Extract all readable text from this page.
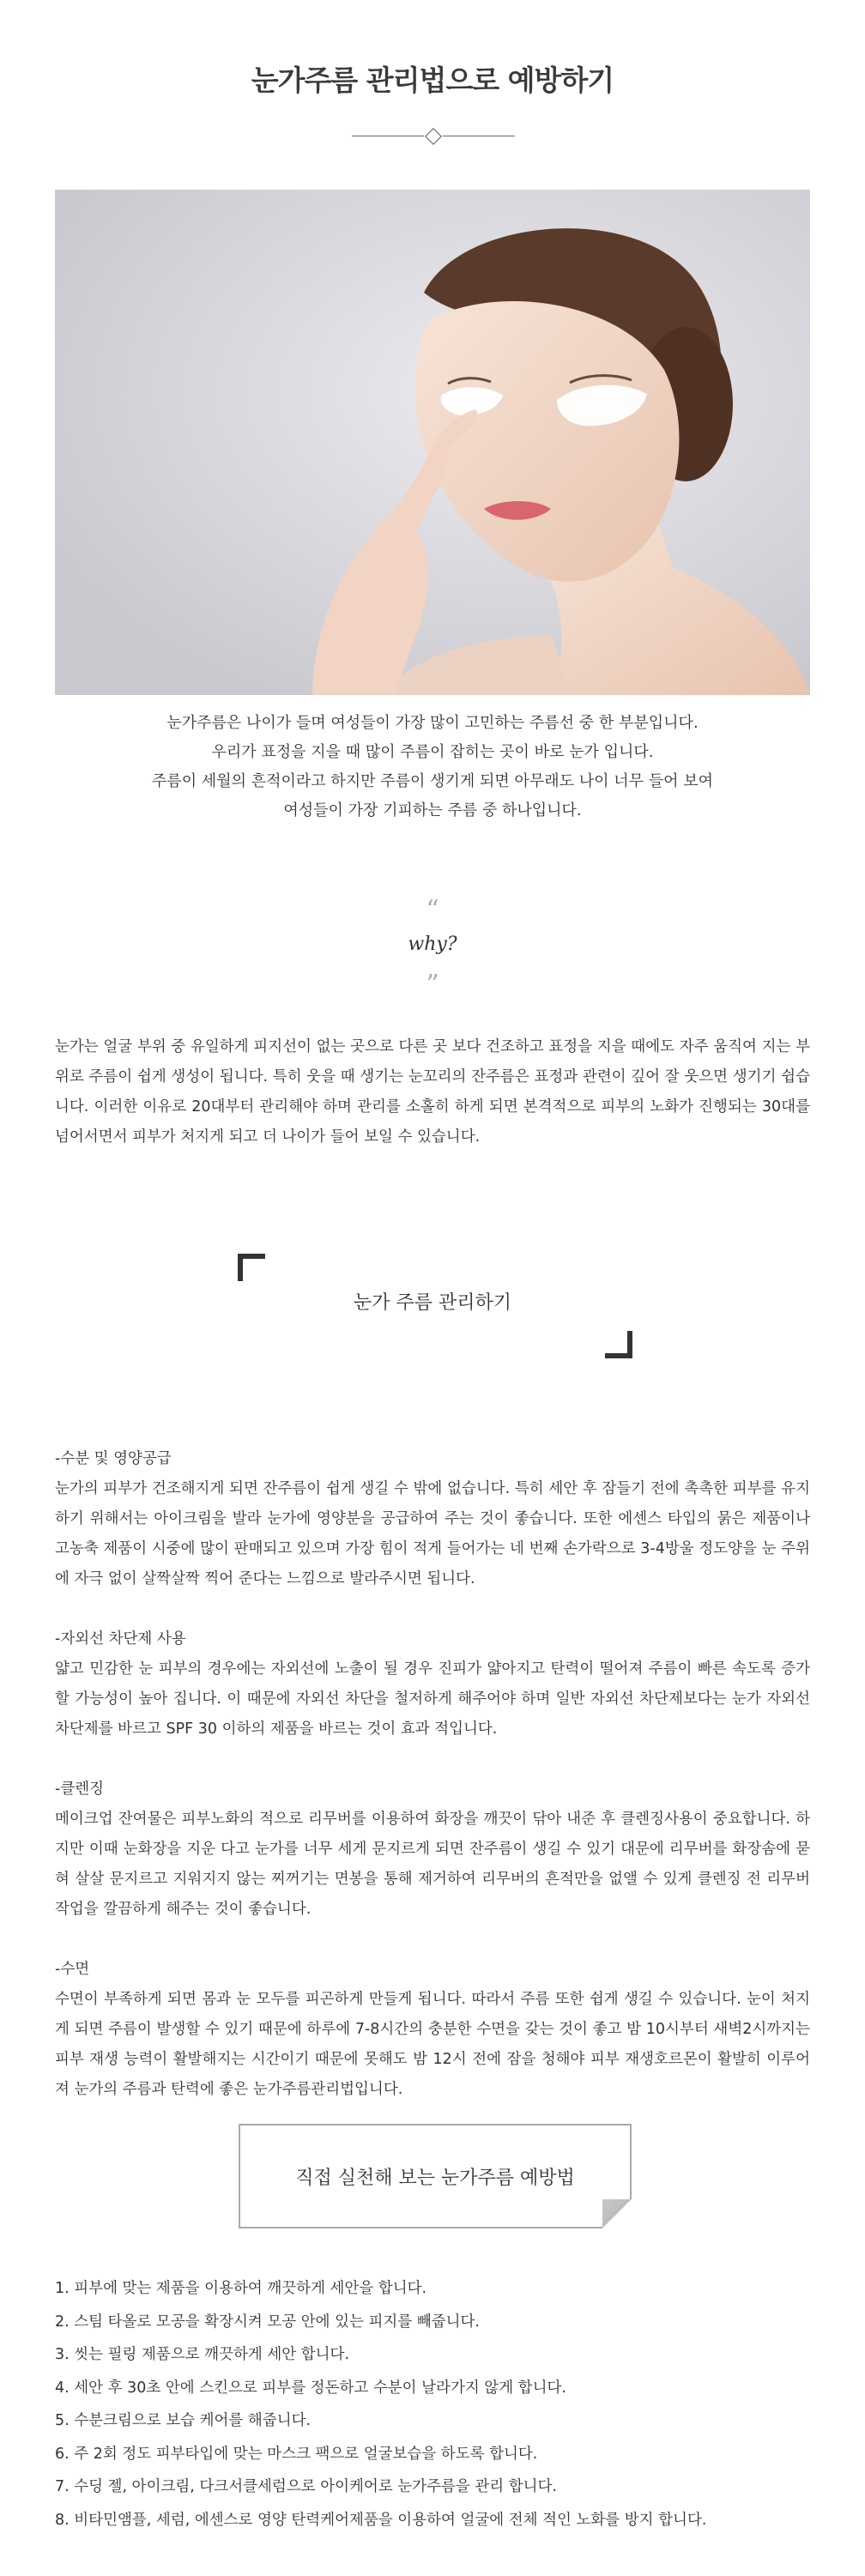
눈가주름 관리법으로 예방하기

눈가주름은 나이가 들며 여성들이 가장 많이 고민하는 주름선 중 한 부분입니다.

우리가 표정을 지을 때 많이 주름이 잡히는 곳이 바로 눈가 입니다.

주름이 세월의 흔적이라고 하지만 주름이 생기게 되면 아무래도 나이 너무 들어 보여

여성들이 가장 기피하는 주름 중 하나입니다.

“
why?
”

눈가는 얼굴 부위 중 유일하게 피지선이 없는 곳으로 다른 곳 보다 건조하고 표정을 지을 때에도 자주 움직여 지는 부위로 주름이 쉽게 생성이 됩니다. 특히 웃을 때 생기는 눈꼬리의 잔주름은 표정과 관련이 깊어 잘 웃으면 생기기 쉽습니다. 이러한 이유로 20대부터 관리해야 하며 관리를 소홀히 하게 되면 본격적으로 피부의 노화가 진행되는 30대를 넘어서면서 피부가 처지게 되고 더 나이가 들어 보일 수 있습니다.

눈가 주름 관리하기
-수분 및 영양공급

눈가의 피부가 건조해지게 되면 잔주름이 쉽게 생길 수 밖에 없습니다. 특히 세안 후 잠들기 전에 촉촉한 피부를 유지하기 위해서는 아이크림을 발라 눈가에 영양분을 공급하여 주는 것이 좋습니다. 또한 에센스 타입의 묽은 제품이나 고농축 제품이 시중에 많이 판매되고 있으며 가장 힘이 적게 들어가는 네 번째 손가락으로 3-4방울 정도양을 눈 주위에 자극 없이 살짝살짝 찍어 준다는 느낌으로 발라주시면 됩니다.

-자외선 차단제 사용

얇고 민감한 눈 피부의 경우에는 자외선에 노출이 될 경우 진피가 얇아지고 탄력이 떨어져 주름이 빠른 속도록 증가할 가능성이 높아 집니다. 이 때문에 자외선 차단을 철저하게 해주어야 하며 일반 자외선 차단제보다는 눈가 자외선 차단제를 바르고 SPF 30 이하의 제품을 바르는 것이 효과 적입니다.

-클렌징

메이크업 잔여물은 피부노화의 적으로 리무버를 이용하여 화장을 깨끗이 닦아 내준 후 클렌징사용이 중요합니다. 하지만 이때 눈화장을 지운 다고 눈가를 너무 세게 문지르게 되면 잔주름이 생길 수 있기 대문에 리무버를 화장솜에 묻혀 살살 문지르고 지워지지 않는 찌꺼기는 면봉을 통해 제거하여 리무버의 흔적만을 없앨 수 있게 클렌징 전 리무버작업을 깔끔하게 해주는 것이 좋습니다.

-수면

수면이 부족하게 되면 몸과 눈 모두를 피곤하게 만들게 됩니다. 따라서 주름 또한 쉽게 생길 수 있습니다. 눈이 처지게 되면 주름이 발생할 수 있기 때문에 하루에 7-8시간의 충분한 수면을 갖는 것이 좋고 밤 10시부터 새벽2시까지는 피부 재생 능력이 활발해지는 시간이기 때문에 못해도 밤 12시 전에 잠을 청해야 피부 재생호르몬이 활발히 이루어져 눈가의 주름과 탄력에 좋은 눈가주름관리법입니다.

직접 실천해 보는 눈가주름 예방법
1. 피부에 맞는 제품을 이용하여 깨끗하게 세안을 합니다.
2. 스팀 타올로 모공을 확장시켜 모공 안에 있는 피지를 빼줍니다.
3. 씻는 필링 제품으로 깨끗하게 세안 합니다.
4. 세안 후 30초 안에 스킨으로 피부를 정돈하고 수분이 날라가지 않게 합니다.
5. 수분크림으로 보습 케어를 해줍니다.
6. 주 2회 정도 피부타입에 맞는 마스크 팩으로 얼굴보습을 하도록 합니다.
7. 수딩 젤, 아이크림, 다크서클세럼으로 아이케어로 눈가주름을 관리 합니다.
8. 비타민앰플, 세럼, 에센스로 영양 탄력케어제품을 이용하여 얼굴에 전체 적인 노화를 방지 합니다.
